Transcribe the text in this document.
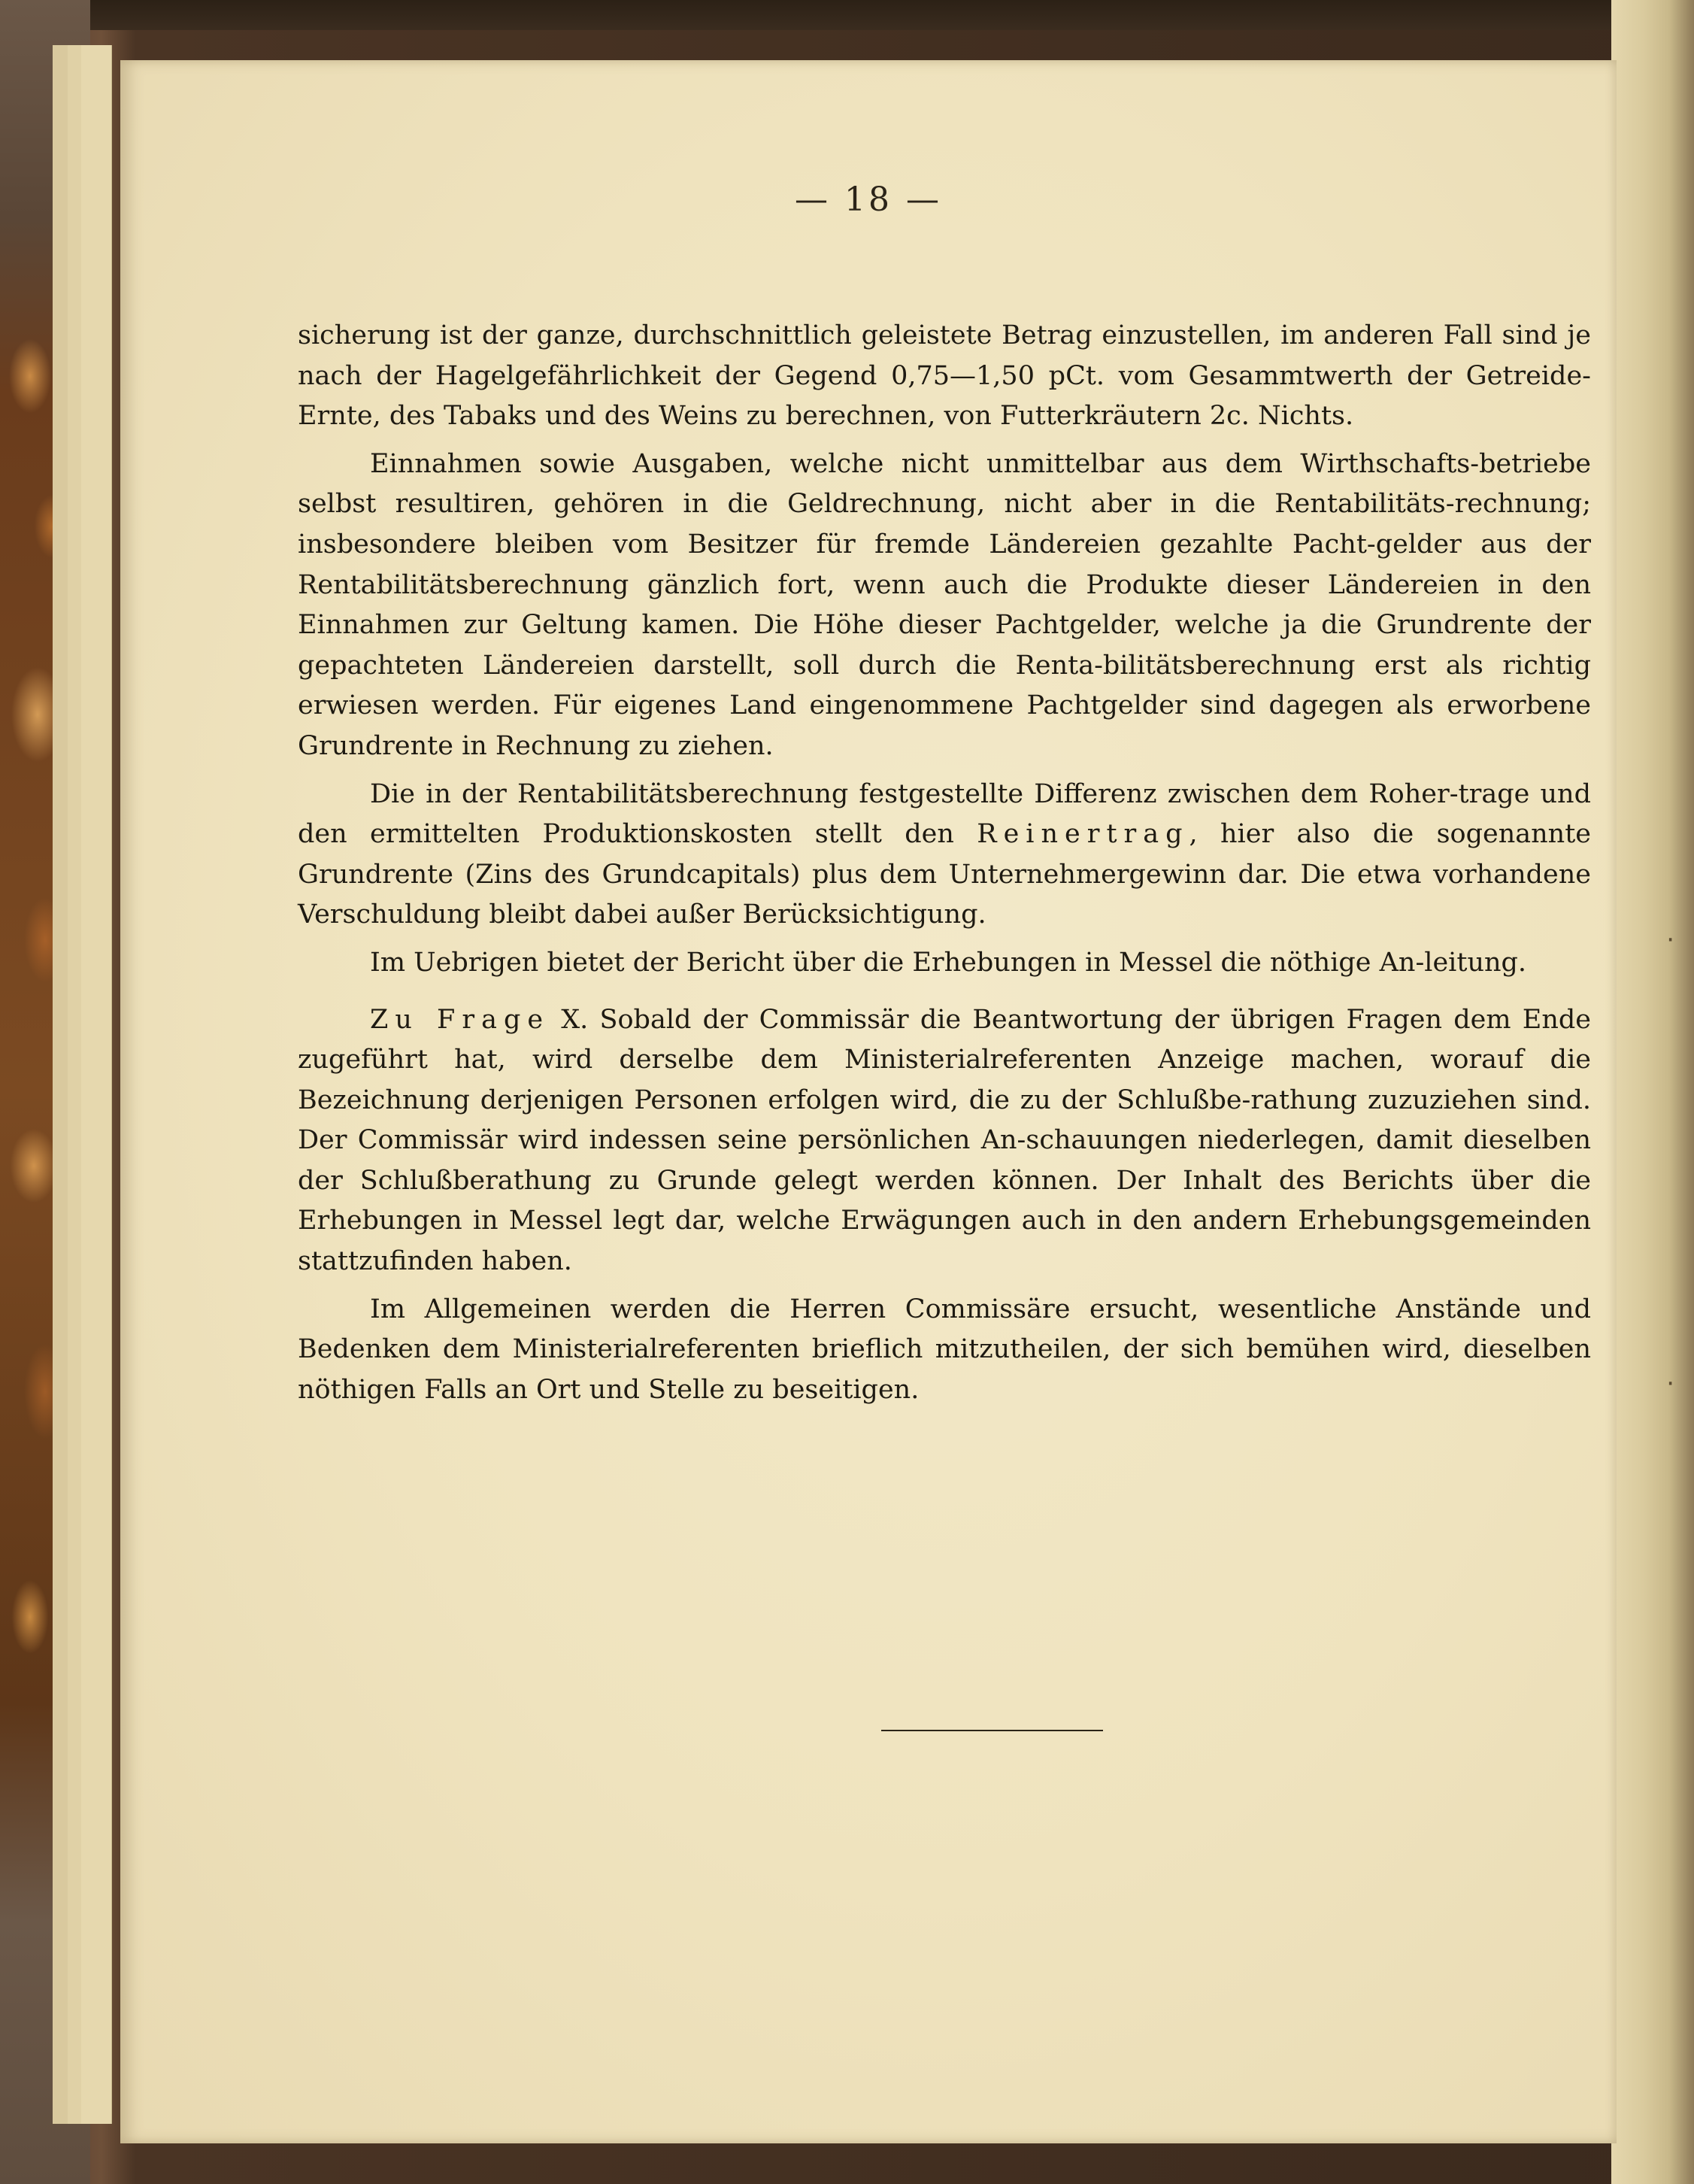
— 18 —

sicherung ist der ganze, durchschnittlich geleistete Betrag einzustellen, im anderen Fall sind je nach der Hagelgefährlichkeit der Gegend 0,75—1,50 pCt. vom Gesammtwerth der Getreide-Ernte, des Tabaks und des Weins zu berechnen, von Futterkräutern 2c. Nichts.

Einnahmen sowie Ausgaben, welche nicht unmittelbar aus dem Wirthschafts-betriebe selbst resultiren, gehören in die Geldrechnung, nicht aber in die Rentabilitäts-rechnung; insbesondere bleiben vom Besitzer für fremde Ländereien gezahlte Pacht-gelder aus der Rentabilitätsberechnung gänzlich fort, wenn auch die Produkte dieser Ländereien in den Einnahmen zur Geltung kamen. Die Höhe dieser Pachtgelder, welche ja die Grundrente der gepachteten Ländereien darstellt, soll durch die Renta-bilitätsberechnung erst als richtig erwiesen werden. Für eigenes Land eingenommene Pachtgelder sind dagegen als erworbene Grundrente in Rechnung zu ziehen.

Die in der Rentabilitätsberechnung festgestellte Differenz zwischen dem Roher-trage und den ermittelten Produktionskosten stellt den Reinertrag, hier also die sogenannte Grundrente (Zins des Grundcapitals) plus dem Unternehmergewinn dar. Die etwa vorhandene Verschuldung bleibt dabei außer Berücksichtigung.

Im Uebrigen bietet der Bericht über die Erhebungen in Messel die nöthige An-leitung.

Zu Frage X. Sobald der Commissär die Beantwortung der übrigen Fragen dem Ende zugeführt hat, wird derselbe dem Ministerialreferenten Anzeige machen, worauf die Bezeichnung derjenigen Personen erfolgen wird, die zu der Schlußbe-rathung zuzuziehen sind. Der Commissär wird indessen seine persönlichen An-schauungen niederlegen, damit dieselben der Schlußberathung zu Grunde gelegt werden können. Der Inhalt des Berichts über die Erhebungen in Messel legt dar, welche Erwägungen auch in den andern Erhebungsgemeinden stattzufinden haben.

Im Allgemeinen werden die Herren Commissäre ersucht, wesentliche Anstände und Bedenken dem Ministerialreferenten brieflich mitzutheilen, der sich bemühen wird, dieselben nöthigen Falls an Ort und Stelle zu beseitigen.

·
·
